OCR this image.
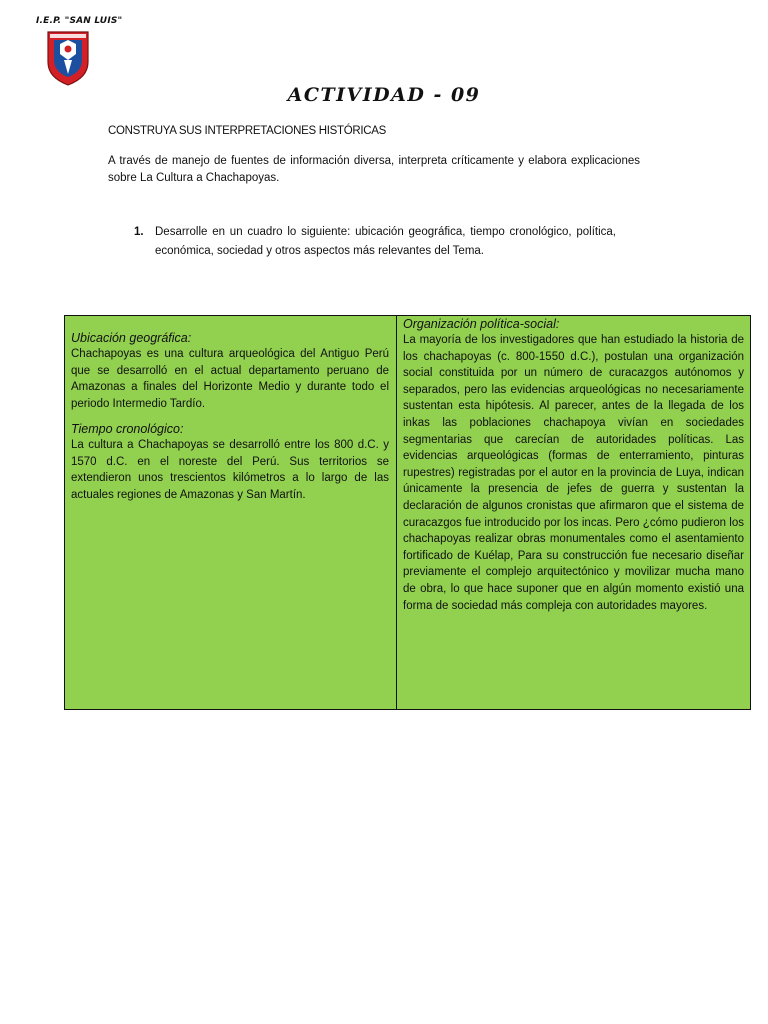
I.E.P. "SAN LUIS"
ACTIVIDAD - 09
CONSTRUYA SUS INTERPRETACIONES HISTÓRICAS
A través de manejo de fuentes de información diversa, interpreta críticamente y elabora explicaciones sobre La Cultura a Chachapoyas.
1. Desarrolle en un cuadro lo siguiente: ubicación geográfica, tiempo cronológico, política, económica, sociedad y otros aspectos más relevantes del Tema.
Ubicación geográfica:

Chachapoyas es una cultura arqueológica del Antiguo Perú que se desarrolló en el actual departamento peruano de Amazonas a finales del Horizonte Medio y durante todo el periodo Intermedio Tardío.

Tiempo cronológico:

La cultura a Chachapoyas se desarrolló entre los 800 d.C. y 1570 d.C. en el noreste del Perú. Sus territorios se extendieron unos trescientos kilómetros a lo largo de las actuales regiones de Amazonas y San Martín.

Organización política-social:

La mayoría de los investigadores que han estudiado la historia de los chachapoyas (c. 800-1550 d.C.), postulan una organización social constituida por un número de curacazgos autónomos y separados, pero las evidencias arqueológicas no necesariamente sustentan esta hipótesis. Al parecer, antes de la llegada de los inkas las poblaciones chachapoya vivían en sociedades segmentarias que carecían de autoridades políticas. Las evidencias arqueológicas (formas de enterramiento, pinturas rupestres) registradas por el autor en la provincia de Luya, indican únicamente la presencia de jefes de guerra y sustentan la declaración de algunos cronistas que afirmaron que el sistema de curacazgos fue introducido por los incas. Pero ¿cómo pudieron los chachapoyas realizar obras monumentales como el asentamiento fortificado de Kuélap, Para su construcción fue necesario diseñar previamente el complejo arquitectónico y movilizar mucha mano de obra, lo que hace suponer que en algún momento existió una forma de sociedad más compleja con autoridades mayores.
